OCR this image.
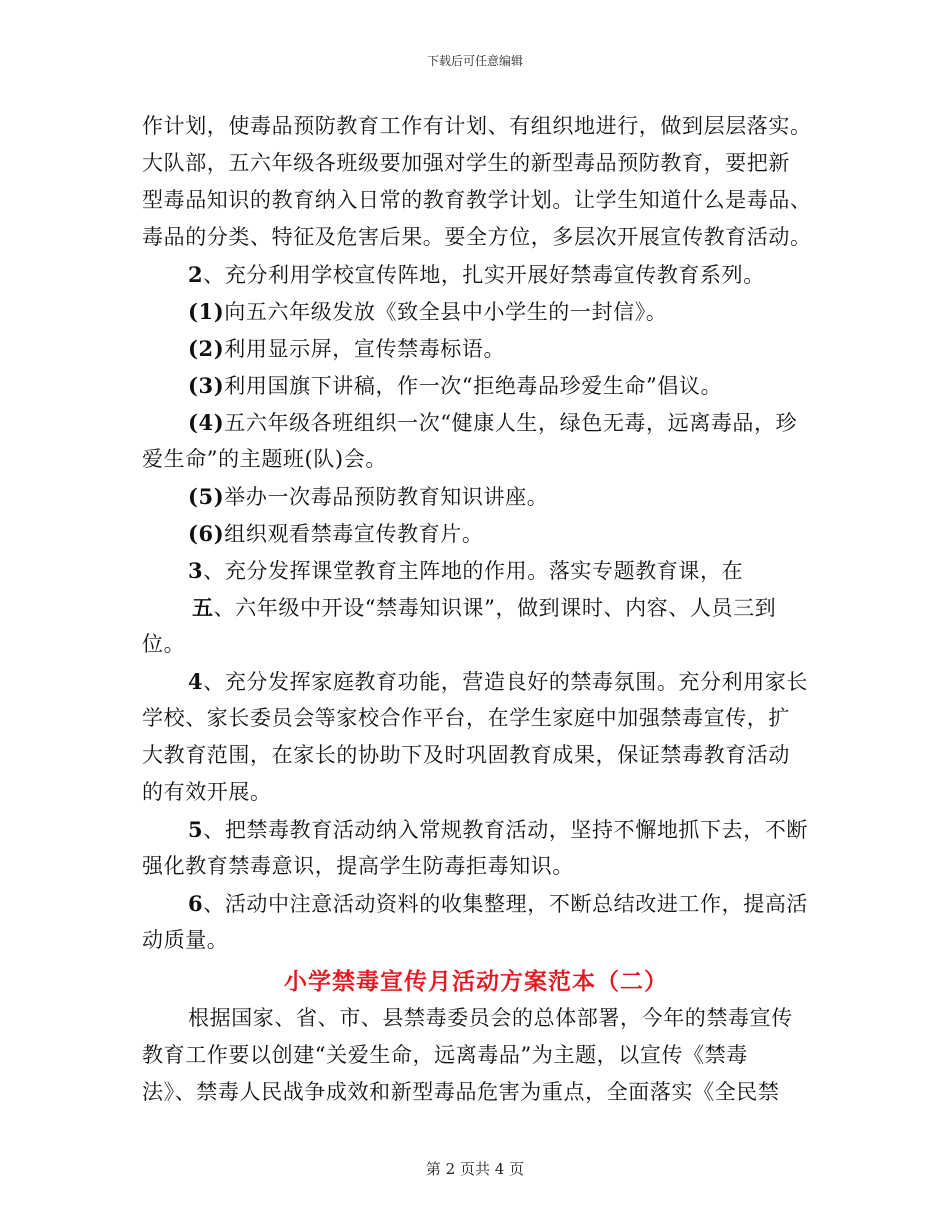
下载后可任意编辑
作计划，使毒品预防教育工作有计划、有组织地进行，做到层层落实。
大队部，五六年级各班级要加强对学生的新型毒品预防教育，要把新
型毒品知识的教育纳入日常的教育教学计划。让学生知道什么是毒品、
毒品的分类、特征及危害后果。要全方位，多层次开展宣传教育活动。
2、充分利用学校宣传阵地，扎实开展好禁毒宣传教育系列。
(1)向五六年级发放《致全县中小学生的一封信》。
(2)利用显示屏，宣传禁毒标语。
(3)利用国旗下讲稿，作一次“拒绝毒品珍爱生命”倡议。
(4)五六年级各班组织一次“健康人生，绿色无毒，远离毒品，珍
爱生命”的主题班(队)会。
(5)举办一次毒品预防教育知识讲座。
(6)组织观看禁毒宣传教育片。
3、充分发挥课堂教育主阵地的作用。落实专题教育课，在
五、六年级中开设“禁毒知识课”，做到课时、内容、人员三到
位。
4、充分发挥家庭教育功能，营造良好的禁毒氛围。充分利用家长
学校、家长委员会等家校合作平台，在学生家庭中加强禁毒宣传，扩
大教育范围，在家长的协助下及时巩固教育成果，保证禁毒教育活动
的有效开展。
5、把禁毒教育活动纳入常规教育活动，坚持不懈地抓下去，不断
强化教育禁毒意识，提高学生防毒拒毒知识。
6、活动中注意活动资料的收集整理，不断总结改进工作，提高活
动质量。
小学禁毒宣传月活动方案范本（二）
根据国家、省、市、县禁毒委员会的总体部署，今年的禁毒宣传
教育工作要以创建“关爱生命，远离毒品”为主题，以宣传《禁毒
法》、禁毒人民战争成效和新型毒品危害为重点，全面落实《全民禁
第 2 页共 4 页
